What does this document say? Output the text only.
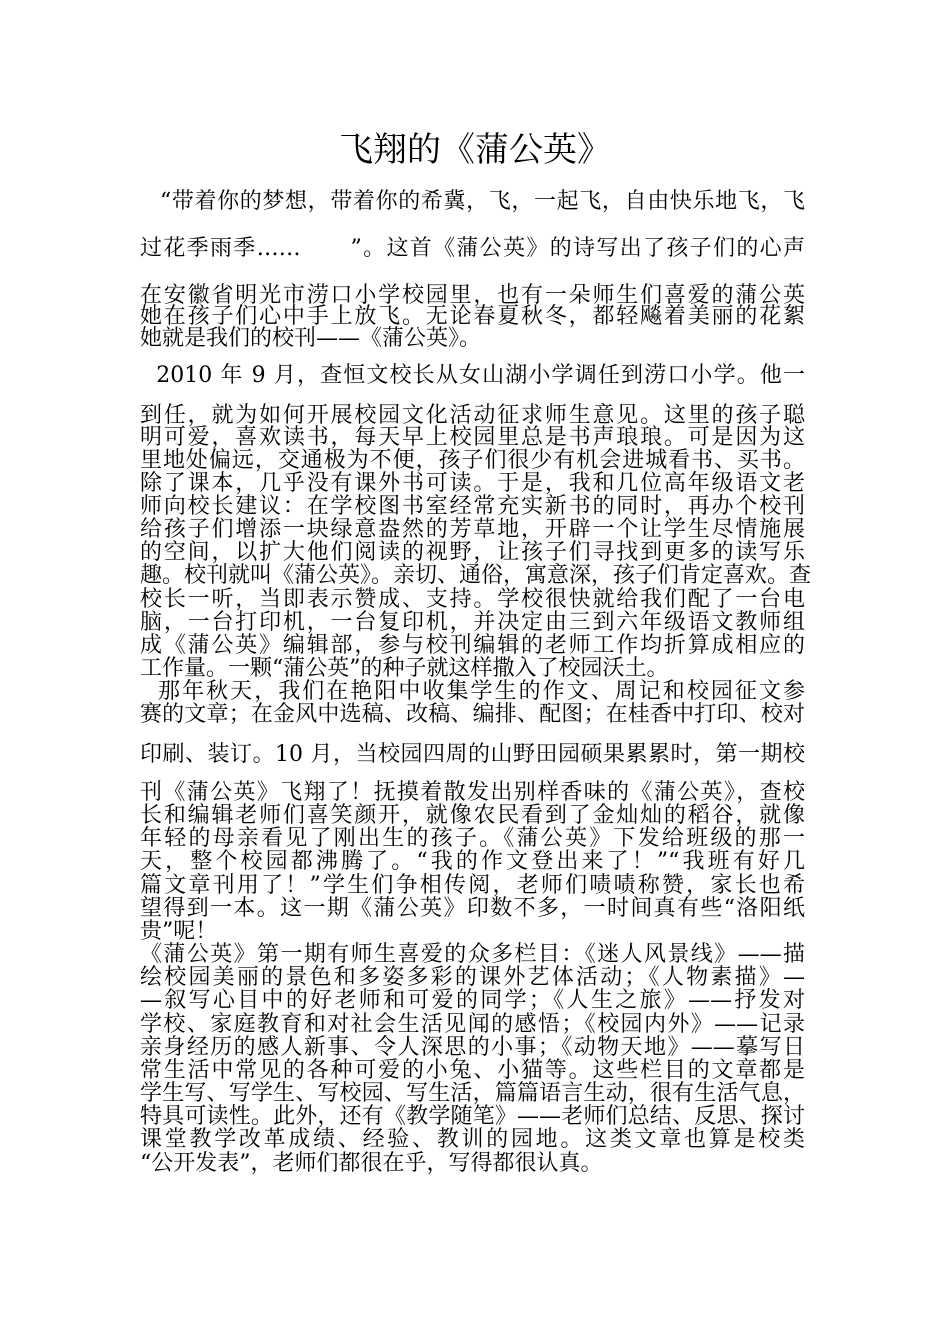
飞翔的《蒲公英》
“带着你的梦想，带着你的希冀，飞，一起飞，自由快乐地飞，飞
过花季雨季……      ”。这首《蒲公英》的诗写出了孩子们的心声
在安徽省明光市涝口小学校园里，也有一朵师生们喜爱的蒲公英
她在孩子们心中手上放飞。无论春夏秋冬，都轻飚着美丽的花絮
她就是我们的校刊——《蒲公英》。
2010 年 9 月，查恒文校长从女山湖小学调任到涝口小学。他一
到任，就为如何开展校园文化活动征求师生意见。这里的孩子聪
明可爱，喜欢读书，每天早上校园里总是书声琅琅。可是因为这
里地处偏远，交通极为不便，孩子们很少有机会进城看书、买书。
除了课本，几乎没有课外书可读。于是，我和几位高年级语文老
师向校长建议：在学校图书室经常充实新书的同时，再办个校刊
给孩子们增添一块绿意盎然的芳草地，开辟一个让学生尽情施展
的空间，以扩大他们阅读的视野，让孩子们寻找到更多的读写乐
趣。校刊就叫《蒲公英》。亲切、通俗，寓意深，孩子们肯定喜欢。查
校长一听，当即表示赞成、支持。学校很快就给我们配了一台电
脑，一台打印机，一台复印机，并决定由三到六年级语文教师组
成《蒲公英》编辑部，参与校刊编辑的老师工作均折算成相应的
工作量。一颗“蒲公英”的种子就这样撒入了校园沃土。
那年秋天，我们在艳阳中收集学生的作文、周记和校园征文参
赛的文章；在金风中选稿、改稿、编排、配图；在桂香中打印、校对
印刷、装订。10 月，当校园四周的山野田园硕果累累时，第一期校
刊《蒲公英》飞翔了！抚摸着散发出别样香味的《蒲公英》，查校
长和编辑老师们喜笑颜开，就像农民看到了金灿灿的稻谷，就像
年轻的母亲看见了刚出生的孩子。《蒲公英》下发给班级的那一
天，整个校园都沸腾了。“我的作文登出来了！”“我班有好几
篇文章刊用了！”学生们争相传阅，老师们啧啧称赞，家长也希
望得到一本。这一期《蒲公英》印数不多，一时间真有些“洛阳纸
贵”呢！
《蒲公英》第一期有师生喜爱的众多栏目：《迷人风景线》——描
绘校园美丽的景色和多姿多彩的课外艺体活动；《人物素描》—
—叙写心目中的好老师和可爱的同学；《人生之旅》——抒发对
学校、家庭教育和对社会生活见闻的感悟；《校园内外》——记录
亲身经历的感人新事、令人深思的小事；《动物天地》——摹写日
常生活中常见的各种可爱的小兔、小猫等。这些栏目的文章都是
学生写、写学生、写校园、写生活，篇篇语言生动，很有生活气息，
特具可读性。此外，还有《教学随笔》——老师们总结、反思、探讨
课堂教学改革成绩、经验、教训的园地。这类文章也算是校类
“公开发表”，老师们都很在乎，写得都很认真。
